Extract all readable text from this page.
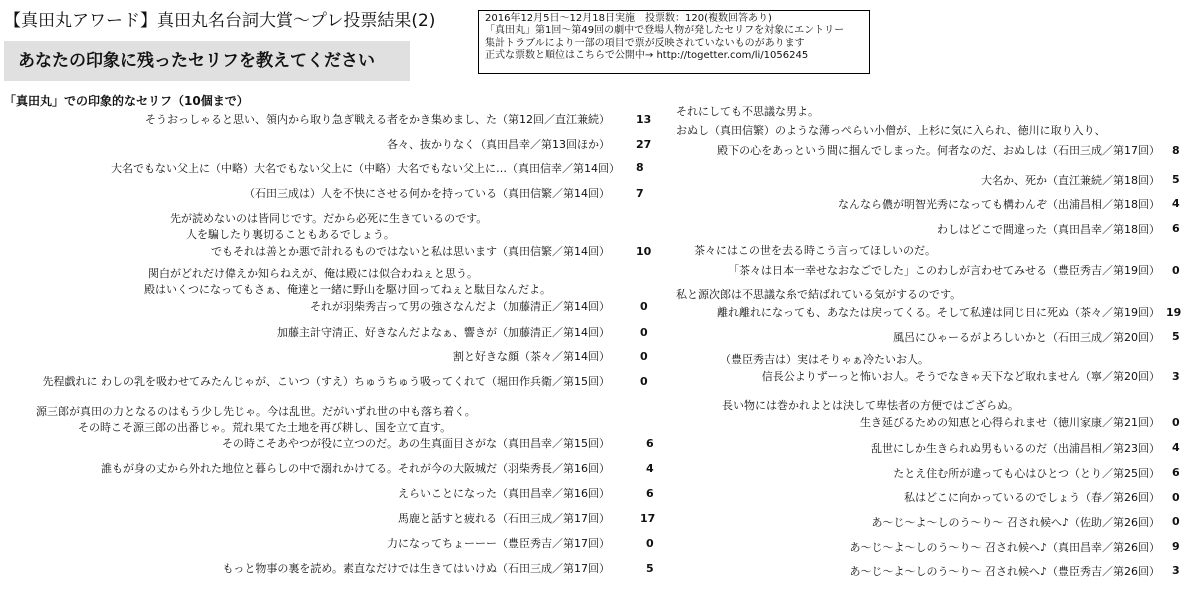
【真田丸アワード】真田丸名台詞大賞〜プレ投票結果(2)
あなたの印象に残ったセリフを教えてください
2016年12月5日〜12月18日実施　投票数：120(複数回答あり)
「真田丸」第1回〜第49回の劇中で登場人物が発したセリフを対象にエントリー
集計トラブルにより一部の項目で票が反映されていないものがあります
正式な票数と順位はこちらで公開中→ http://togetter.com/li/1056245
「真田丸」での印象的なセリフ（10個まで）
そうおっしゃると思い、領内から取り急ぎ戦える者をかき集めまし、た（第12回／直江兼続） 13
各々、抜かりなく（真田昌幸／第13回ほか） 27
大名でもない父上に（中略）大名でもない父上に（中略）大名でもない父上に…（真田信幸／第14回） 8
（石田三成は）人を不快にさせる何かを持っている（真田信繁／第14回） 7
先が読めないのは皆同じです。だから必死に生きているのです。
人を騙したり裏切ることもあるでしょう。
でもそれは善とか悪で計れるものではないと私は思います（真田信繁／第14回） 10
関白がどれだけ偉えか知らねえが、俺は殿には似合わねぇと思う。
殿はいくつになってもさぁ、俺達と一緒に野山を駆け回ってねぇと駄目なんだよ。
それが羽柴秀吉って男の強さなんだよ（加藤清正／第14回）	0
加藤主計守清正、好きなんだよなぁ、響きが（加藤清正／第14回）	0
割と好きな顔（茶々／第14回）	0
先程戯れに わしの乳を吸わせてみたんじゃが、こいつ（すえ）ちゅうちゅう吸ってくれて（堀田作兵衛／第15回）	0
源三郎が真田の力となるのはもう少し先じゃ。今は乱世。だがいずれ世の中も落ち着く。
その時こそ源三郎の出番じゃ。荒れ果てた土地を再び耕し、国を立て直す。
その時こそあやつが役に立つのだ。あの生真面目さがな（真田昌幸／第15回）	6
誰もが身の丈から外れた地位と暮らしの中で溺れかけてる。それが今の大阪城だ（羽柴秀長／第16回）	4
えらいことになった（真田昌幸／第16回）	6
馬鹿と話すと疲れる（石田三成／第17回）	17
力になってちょーーー（豊臣秀吉／第17回）	0
もっと物事の裏を読め。素直なだけでは生きてはいけぬ（石田三成／第17回）	5
それにしても不思議な男よ。
おぬし（真田信繁）のような薄っぺらい小僧が、上杉に気に入られ、徳川に取り入り、
殿下の心をあっという間に掴んでしまった。何者なのだ、おぬしは（石田三成／第17回） 8
大名か、死か（直江兼続／第18回） 5
なんなら儂が明智光秀になっても構わんぞ（出浦昌相／第18回） 4
わしはどこで間違った（真田昌幸／第18回） 6
茶々にはこの世を去る時こう言ってほしいのだ。
「茶々は日本一幸せなおなごでした」このわしが言わせてみせる（豊臣秀吉／第19回） 0
私と源次郎は不思議な糸で結ばれている気がするのです。
離れ離れになっても、あなたは戻ってくる。そして私達は同じ日に死ぬ（茶々／第19回） 19
風呂にひゃーるがよろしいかと（石田三成／第20回） 5
（豊臣秀吉は）実はそりゃぁ冷たいお人。
信長公よりずーっと怖いお人。そうでなきゃ天下など取れません（寧／第20回） 3
長い物には巻かれよとは決して卑怯者の方便ではござらぬ。
生き延びるための知恵と心得られませ（徳川家康／第21回） 0
乱世にしか生きられぬ男もいるのだ（出浦昌相／第23回） 4
たとえ住む所が違っても心はひとつ（とり／第25回） 6
私はどこに向かっているのでしょう（春／第26回） 0
あ〜じ〜よ〜しのう〜り〜 召され候へ♪（佐助／第26回） 0
あ〜じ〜よ〜しのう〜り〜 召され候へ♪（真田昌幸／第26回） 9
あ〜じ〜よ〜しのう〜り〜 召され候へ♪（豊臣秀吉／第26回） 3
